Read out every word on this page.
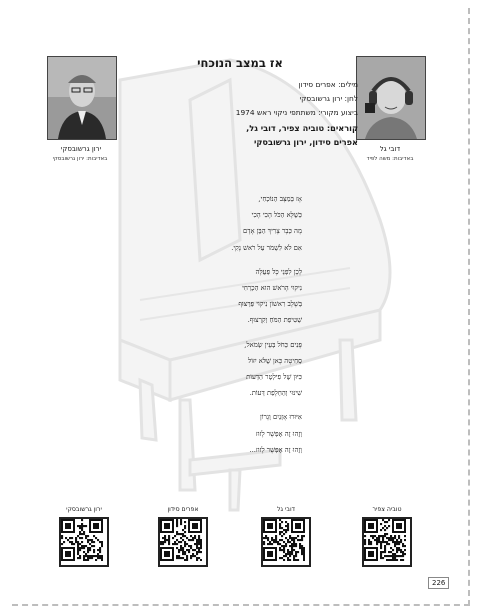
ירון גרשובסקי
באדיבות: ירון גרשובסקי
דובי גל
באדיבות: משה לפיד
אז במצב הנוכחי
מילים: אפרים סידון
לחן: ירון גרשובסקי
ביצוע מקורי: משתתפי ניקוי ראש 1974
קוראים: טוביה צפיר, דובי גל,
אפרים סידון, ירון גרשובסקי
אָז בְּמַצָּב הַנּוֹכְחִי,
כְּשֶׁלָּא הַכֹּל הָכִי הָכִי
מָה כְּבָר צָרִיךְ הַבֶּן אָדָם
אִם לֹא לִשְׁמֹר עַל רֹאשׁ נָקִי.
לָכֵן לִפְנֵי כָּל פְּעֻלָּה
נִיקוּי הָרֹאשׁ הוּא הַכְרֵחִי
בְּשָׁלָב רִאשׁוֹן נִיקוּי פַּרְצוּף
שְׁטִיפַת הַמֹּחַ וְקִרְצוּף.
פָּנִים כְּחֹל בְּעֵין שְׂמֹאל,
סְחִיטָה כָּאן שֶׁלֹּא יִזּוֹל
כִּיּוּן שֶׁל פִילְטֶר הַדֵּעוֹת
שִׁינּוּי וְהַחְלָפַת דֵּעוֹת.
אִיּוּרוּ אָזְנַיִם וְגָרוֹן
וְזֶהוּ זֶה אֶפְשָׁר לָזוּז
וְזֶהוּ זֶה אֶפְשָׁר לָזוּז...
ירון גרשובסקי	אפרים סידון	דובי גל	טוביה צפיר
226
